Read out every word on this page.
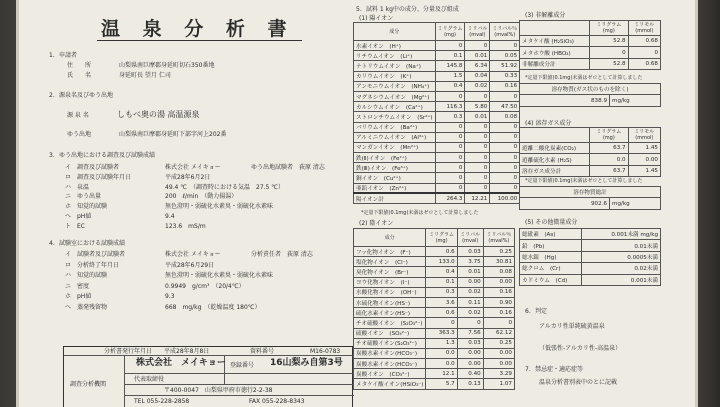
温 泉 分 析 書
1. 申請者
住　　所	山梨県南巨摩郡身延町切石350番地
氏　　名	身延町長 望月 仁司
2. 源泉名及びゆう出地
源 泉 名	しもべ奥の湯 高温源泉
ゆう出地	山梨県南巨摩郡身延町下部字河上202番
3. ゆう出地における調査及び試験成績
イ　調査及び試験者	株式会社 メイキョー	ゆう出地試験者　荻原 清志
ロ　調査及び試験年月日	平成28年6月2日
ハ　泉温	49.4 ℃　（調査時における気温　27.5 ℃）
ニ　ゆう出量	200　ℓ/min　（動力揚湯）
ホ　知覚的試験	無色澄明・弱硫化水素臭・弱硫化水素味
へ　pH値	9.4
ト　EC	123.6　mS/m
4. 試験室における試験成績
イ　試験者及び試験者	株式会社 メイキョー	分析責任者　荻原 清志
ロ　分析終了年月日	平成28年6月29日
ハ　知覚的試験	無色澄明・弱硫化水素臭・弱硫化水素味
ニ　密度	0.9949　g/cm³　（20/4℃）
ホ　pH値	9.3
へ　蒸発残留物	668　mg/kg　（乾燥温度 180℃）
分析書発行年月日 平成28年8月8日	資料番号	M16-0783
株式会社　メイキョー 登録番号 16山梨み自第3号
調査分析機関
代表取締役
〒400-0047　山梨県甲府市徳行2-2-38
TEL 055-228-2858	FAX 055-228-8343
5. 試料 1 kg中の成分、分量及び組成
(1) 陽イオン
成分	ミリグラム
(mg)	ミリバル
(mval)	ミリバル％
(mval%)
水素イオン　(H⁺)	0	0	0
リチウムイオン　(Li⁺)	0.1	0.01	0.05
ナトリウムイオン　(Na⁺)	145.8	6.34	51.92
カリウムイオン　(K⁺)	1.5	0.04	0.33
アンモニウムイオン　(NH₄⁺)	0.4	0.02	0.16
マグネシウムイオン　(Mg²⁺)	0	0	0
カルシウムイオン　(Ca²⁺)	116.3	5.80	47.50
ストロンチウムイオン　(Sr²⁺)	0.3	0.01	0.08
バリウムイオン　(Ba²⁺)	0	0	0
アルミニウムイオン　(Al³⁺)	0	0	0
マンガンイオン　(Mn²⁺)	0	0	0
鉄(Ⅱ)イオン　(Fe²⁺)	0	0	0
鉄(Ⅲ)イオン　(Fe³⁺)	0	0	0
銅イオン　(Cu²⁺)	0	0	0
亜鉛イオン　(Zn²⁺)	0	0	0
陽イオン計	264.3	12.21	100.00
*定量下限値(0.1mg)未満はゼロとして計算しました
(2) 陰イオン
成分	ミリグラム
(mg)	ミリバル
(mval)	ミリバル％
(mval%)
フッ化物イオン　(F⁻)	0.6	0.03	0.25
塩化物イオン　(Cl⁻)	133.0	3.75	30.81
臭化物イオン　(Br⁻)	0.4	0.01	0.08
ヨウ化物イオン　(I⁻)	0.1	0.00	0.00
水酸化物イオン　(OH⁻)	0.3	0.02	0.16
水硫化物イオン(HS⁻)	3.6	0.11	0.90
硫化水素イオン(HS⁻)	0.6	0.02	0.16
チオ硫酸イオン　(S₂O₃²⁻)	0	0	0
硫酸イオン　(SO₄²⁻)	363.3	7.56	62.12
チオ硫酸イオン(S₂O₃²⁻)	1.3	0.03	0.25
炭酸水素イオン(HCO₃⁻)	0.0	0.00	0.00
炭酸水素イオン(HCO₃⁻)	0.0	0.00	0.00
炭酸イオン　(CO₃²⁻)	12.1	0.40	3.29
メタケイ酸イオン(HSiO₃⁻)	5.7	0.13	1.07
(3) 非解離成分
	ミリグラム
(mg)	ミリモル
(mmol)
メタケイ酸 (H₂SiO₃)	52.8	0.68
メタホウ酸 (HBO₂)	0	0
非解離成分計	52.8	0.68
*定量下限値(0.1mg)未満はゼロとして計算しました
溶存物質(ガス状のものを除く)
838.9	mg/kg
(4) 溶存ガス成分
	ミリグラム
(mg)	ミリモル
(mmol)
遊離二酸化炭素(CO₂)	63.7	1.45
遊離硫化水素 (H₂S)	0.0	0.00
溶存ガス成分計	63.7	1.45
*定量下限値(0.1mg)未満はゼロとして計算しました
溶存物質総計
902.6	mg/kg
(5) その他微量成分
総砒素　(As)	0.001未満 mg/kg
鉛　(Pb)	0.01未満
総水銀　(Hg)	0.0005未満
総クロム　(Cr)	0.02未満
カドミウム　(Cd)	0.001未満
6. 判定
アルカリ性単純硫黄温泉
（低張性-アルカリ性-高温泉）
7. 禁忌症・適応症等
温泉分析書別表中のとに記載
